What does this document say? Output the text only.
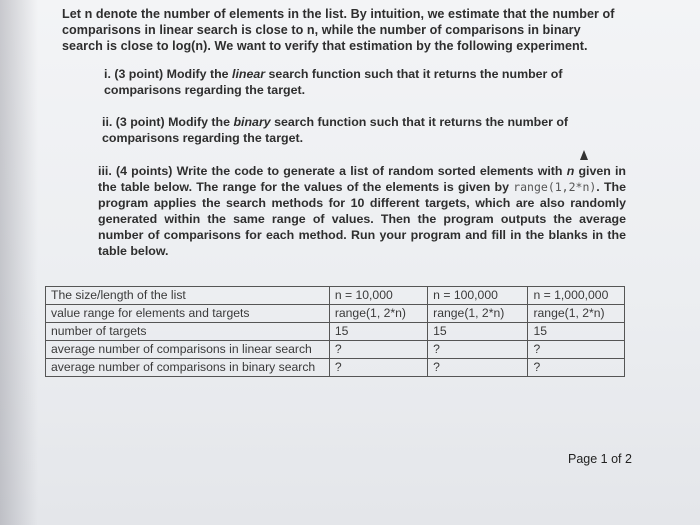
Let n denote the number of elements in the list. By intuition, we estimate that the number of comparisons in linear search is close to n, while the number of comparisons in binary search is close to log(n). We want to verify that estimation by the following experiment.
i. (3 point) Modify the linear search function such that it returns the number of comparisons regarding the target.
ii. (3 point) Modify the binary search function such that it returns the number of comparisons regarding the target.
iii. (4 points) Write the code to generate a list of random sorted elements with n given in the table below. The range for the values of the elements is given by range(1,2*n). The program applies the search methods for 10 different targets, which are also randomly generated within the same range of values. Then the program outputs the average number of comparisons for each method. Run your program and fill in the blanks in the table below.
The size/length of the list	n = 10,000	n = 100,000	n = 1,000,000
value range for elements and targets	range(1, 2*n)	range(1, 2*n)	range(1, 2*n)
number of targets	15	15	15
average number of comparisons in linear search	?	?	?
average number of comparisons in binary search	?	?	?
Page 1 of 2
